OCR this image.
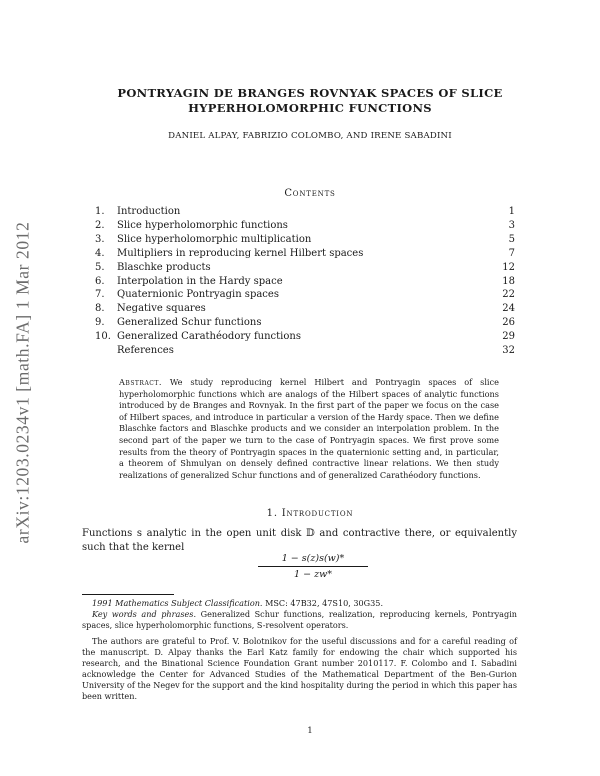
arXiv:1203.0234v1 [math.FA] 1 Mar 2012
PONTRYAGIN DE BRANGES ROVNYAK SPACES OF SLICE
HYPERHOLOMORPHIC FUNCTIONS
DANIEL ALPAY, FABRIZIO COLOMBO, AND IRENE SABADINI
Contents
1.	Introduction	1
2.	Slice hyperholomorphic functions	3
3.	Slice hyperholomorphic multiplication	5
4.	Multipliers in reproducing kernel Hilbert spaces	7
5.	Blaschke products	12
6.	Interpolation in the Hardy space	18
7.	Quaternionic Pontryagin spaces	22
8.	Negative squares	24
9.	Generalized Schur functions	26
10. Generalized Carathéodory functions	29
References	32
Abstract. We study reproducing kernel Hilbert and Pontryagin spaces of slice hyperholomorphic functions which are analogs of the Hilbert spaces of analytic functions introduced by de Branges and Rovnyak. In the first part of the paper we focus on the case of Hilbert spaces, and introduce in particular a version of the Hardy space. Then we define Blaschke factors and Blaschke products and we consider an interpolation problem. In the second part of the paper we turn to the case of Pontryagin spaces. We first prove some results from the theory of Pontryagin spaces in the quaternionic setting and, in particular, a theorem of Shmulyan on densely defined contractive linear relations. We then study realizations of generalized Schur functions and of generalized Carathéodory functions.
1. Introduction
Functions s analytic in the open unit disk 𝔻 and contractive there, or equivalently such that the kernel
$\frac{1 - s(z)s(w)*}{1 - zw*}$

1991 Mathematics Subject Classification. MSC: 47B32, 47S10, 30G35.

Key words and phrases. Generalized Schur functions, realization, reproducing kernels, Pontryagin spaces, slice hyperholomorphic functions, S-resolvent operators.

The authors are grateful to Prof. V. Bolotnikov for the useful discussions and for a careful reading of the manuscript. D. Alpay thanks the Earl Katz family for endowing the chair which supported his research, and the Binational Science Foundation Grant number 2010117. F. Colombo and I. Sabadini acknowledge the Center for Advanced Studies of the Mathematical Department of the Ben-Gurion University of the Negev for the support and the kind hospitality during the period in which this paper has been written.

1
